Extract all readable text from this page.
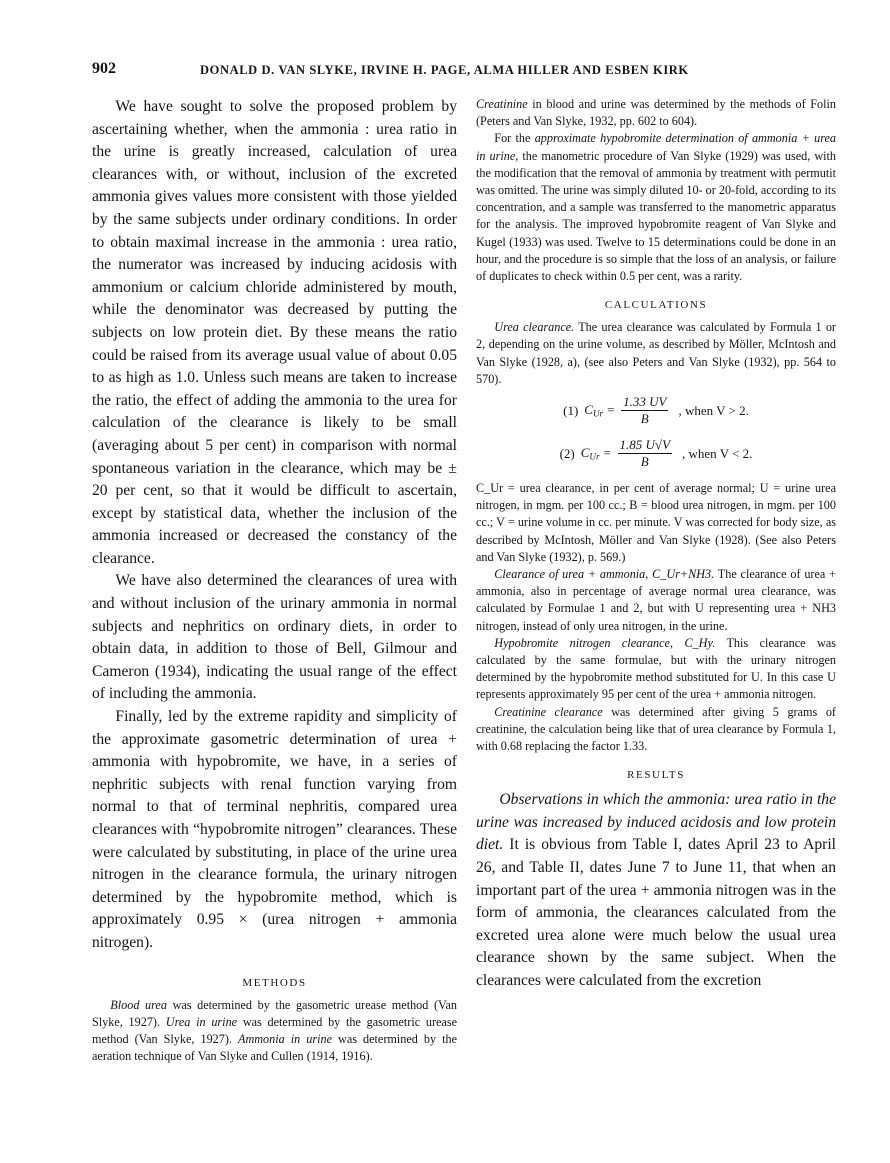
902	DONALD D. VAN SLYKE, IRVINE H. PAGE, ALMA HILLER AND ESBEN KIRK

We have sought to solve the proposed problem by ascertaining whether, when the ammonia : urea ratio in the urine is greatly increased, calculation of urea clearances with, or without, inclusion of the excreted ammonia gives values more consistent with those yielded by the same subjects under ordinary conditions. In order to obtain maximal increase in the ammonia : urea ratio, the numerator was increased by inducing acidosis with ammonium or calcium chloride administered by mouth, while the denominator was decreased by putting the subjects on low protein diet. By these means the ratio could be raised from its average usual value of about 0.05 to as high as 1.0. Unless such means are taken to increase the ratio, the effect of adding the ammonia to the urea for calculation of the clearance is likely to be small (averaging about 5 per cent) in comparison with normal spontaneous variation in the clearance, which may be ± 20 per cent, so that it would be difficult to ascertain, except by statistical data, whether the inclusion of the ammonia increased or decreased the constancy of the clearance.

We have also determined the clearances of urea with and without inclusion of the urinary ammonia in normal subjects and nephritics on ordinary diets, in order to obtain data, in addition to those of Bell, Gilmour and Cameron (1934), indicating the usual range of the effect of including the ammonia.

Finally, led by the extreme rapidity and simplicity of the approximate gasometric determination of urea + ammonia with hypobromite, we have, in a series of nephritic subjects with renal function varying from normal to that of terminal nephritis, compared urea clearances with “hypobromite nitrogen” clearances. These were calculated by substituting, in place of the urine urea nitrogen in the clearance formula, the urinary nitrogen determined by the hypobromite method, which is approximately 0.95 × (urea nitrogen + ammonia nitrogen).

METHODS

Blood urea was determined by the gasometric urease method (Van Slyke, 1927). Urea in urine was determined by the gasometric urease method (Van Slyke, 1927). Ammonia in urine was determined by the aeration technique of Van Slyke and Cullen (1914, 1916).

Creatinine in blood and urine was determined by the methods of Folin (Peters and Van Slyke, 1932, pp. 602 to 604).

For the approximate hypobromite determination of ammonia + urea in urine, the manometric procedure of Van Slyke (1929) was used, with the modification that the removal of ammonia by treatment with permutit was omitted. The urine was simply diluted 10- or 20-fold, according to its concentration, and a sample was transferred to the manometric apparatus for the analysis. The improved hypobromite reagent of Van Slyke and Kugel (1933) was used. Twelve to 15 determinations could be done in an hour, and the procedure is so simple that the loss of an analysis, or failure of duplicates to check within 0.5 per cent, was a rarity.

CALCULATIONS

Urea clearance. The urea clearance was calculated by Formula 1 or 2, depending on the urine volume, as described by Möller, McIntosh and Van Slyke (1928, a), (see also Peters and Van Slyke (1932), pp. 564 to 570).

(1) $C_{Ur} = \frac{1.33 UV}{B}$ , when V > 2.
(2) $C_{Ur} = \frac{1.85 U√V}{B}$ , when V < 2.

C_Ur = urea clearance, in per cent of average normal; U = urine urea nitrogen, in mgm. per 100 cc.; B = blood urea nitrogen, in mgm. per 100 cc.; V = urine volume in cc. per minute. V was corrected for body size, as described by McIntosh, Möller and Van Slyke (1928). (See also Peters and Van Slyke (1932), p. 569.)

Clearance of urea + ammonia, C_Ur+NH3. The clearance of urea + ammonia, also in percentage of average normal urea clearance, was calculated by Formulae 1 and 2, but with U representing urea + NH3 nitrogen, instead of only urea nitrogen, in the urine.

Hypobromite nitrogen clearance, C_Hy. This clearance was calculated by the same formulae, but with the urinary nitrogen determined by the hypobromite method substituted for U. In this case U represents approximately 95 per cent of the urea + ammonia nitrogen.

Creatinine clearance was determined after giving 5 grams of creatinine, the calculation being like that of urea clearance by Formula 1, with 0.68 replacing the factor 1.33.

RESULTS

Observations in which the ammonia: urea ratio in the urine was increased by induced acidosis and low protein diet. It is obvious from Table I, dates April 23 to April 26, and Table II, dates June 7 to June 11, that when an important part of the urea + ammonia nitrogen was in the form of ammonia, the clearances calculated from the excreted urea alone were much below the usual urea clearance shown by the same subject. When the clearances were calculated from the excretion
